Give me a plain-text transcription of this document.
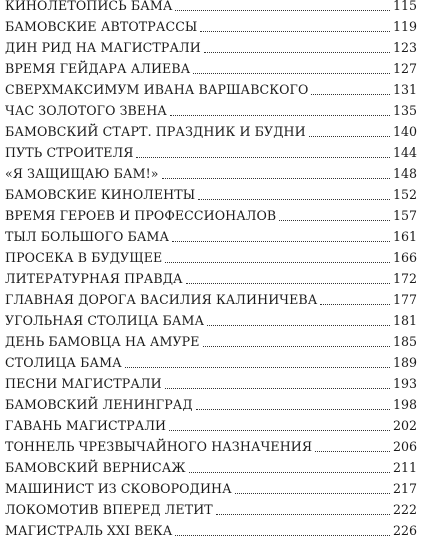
КИНОЛЕТОПИСЬ БАМА	115
БАМОВСКИЕ АВТОТРАССЫ	119
ДИН РИД НА МАГИСТРАЛИ	123
ВРЕМЯ ГЕЙДАРА АЛИЕВА	127
СВЕРХМАКСИМУМ ИВАНА ВАРШАВСКОГО	131
ЧАС ЗОЛОТОГО ЗВЕНА	135
БАМОВСКИЙ СТАРТ. ПРАЗДНИК И БУДНИ	140
ПУТЬ СТРОИТЕЛЯ	144
«Я ЗАЩИЩАЮ БАМ!»	148
БАМОВСКИЕ КИНОЛЕНТЫ	152
ВРЕМЯ ГЕРОЕВ И ПРОФЕССИОНАЛОВ	157
ТЫЛ БОЛЬШОГО БАМА	161
ПРОСЕКА В БУДУЩЕЕ	166
ЛИТЕРАТУРНАЯ ПРАВДА	172
ГЛАВНАЯ ДОРОГА ВАСИЛИЯ КАЛИНИЧЕВА	177
УГОЛЬНАЯ СТОЛИЦА БАМА	181
ДЕНЬ БАМОВЦА НА АМУРЕ	185
СТОЛИЦА БАМА	189
ПЕСНИ МАГИСТРАЛИ	193
БАМОВСКИЙ ЛЕНИНГРАД	198
ГАВАНЬ МАГИСТРАЛИ	202
ТОННЕЛЬ ЧРЕЗВЫЧАЙНОГО НАЗНАЧЕНИЯ	206
БАМОВСКИЙ ВЕРНИСАЖ	211
МАШИНИСТ ИЗ СКОВОРОДИНА	217
ЛОКОМОТИВ ВПЕРЕД ЛЕТИТ	222
МАГИСТРАЛЬ XXI ВЕКА	226
